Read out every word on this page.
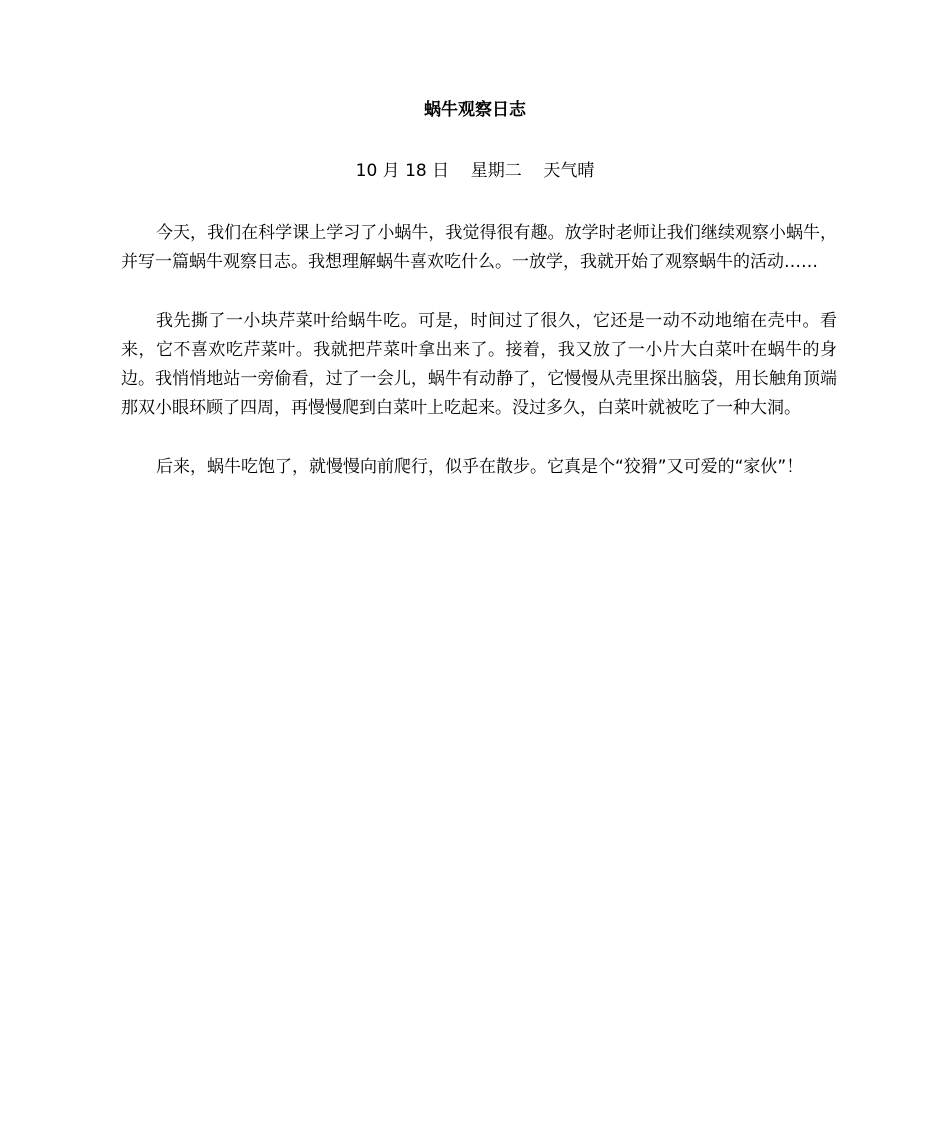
蜗牛观察日志
10 月 18 日    星期二    天气晴

今天，我们在科学课上学习了小蜗牛，我觉得很有趣。放学时老师让我们继续观察小蜗牛，并写一篇蜗牛观察日志。我想理解蜗牛喜欢吃什么。一放学，我就开始了观察蜗牛的活动……

我先撕了一小块芹菜叶给蜗牛吃。可是，时间过了很久，它还是一动不动地缩在壳中。看来，它不喜欢吃芹菜叶。我就把芹菜叶拿出来了。接着，我又放了一小片大白菜叶在蜗牛的身边。我悄悄地站一旁偷看，过了一会儿，蜗牛有动静了，它慢慢从壳里探出脑袋，用长触角顶端那双小眼环顾了四周，再慢慢爬到白菜叶上吃起来。没过多久，白菜叶就被吃了一种大洞。

后来，蜗牛吃饱了，就慢慢向前爬行，似乎在散步。它真是个“狡猾”又可爱的“家伙”！
